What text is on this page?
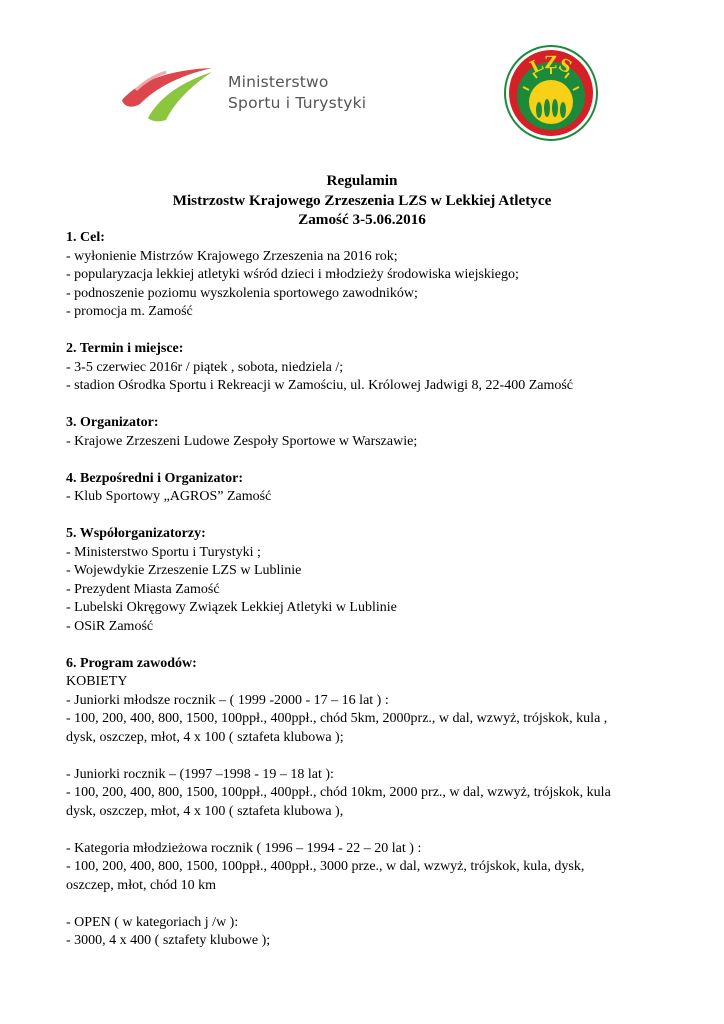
Ministerstwo
Sportu i Turystyki
LZS
Regulamin
Mistrzostw Krajowego Zrzeszenia LZS w Lekkiej Atletyce
Zamość 3-5.06.2016
1. Cel:
- wyłonienie Mistrzów Krajowego Zrzeszenia na 2016 rok;
- popularyzacja lekkiej atletyki wśród dzieci i młodzieży środowiska wiejskiego;
- podnoszenie poziomu wyszkolenia sportowego zawodników;
- promocja m. Zamość
2. Termin i miejsce:
- 3-5 czerwiec 2016r / piątek , sobota, niedziela /;
- stadion Ośrodka Sportu i Rekreacji w Zamościu, ul. Królowej Jadwigi 8, 22-400 Zamość
3. Organizator:
- Krajowe Zrzeszeni Ludowe Zespoły Sportowe w Warszawie;
4. Bezpośredni i Organizator:
- Klub Sportowy „AGROS” Zamość
5. Współorganizatorzy:
- Ministerstwo Sportu i Turystyki ;
- Wojewdykie Zrzeszenie LZS w Lublinie
- Prezydent Miasta Zamość
- Lubelski Okręgowy Związek Lekkiej Atletyki w Lublinie
- OSiR Zamość
6. Program zawodów:
KOBIETY
- Juniorki młodsze rocznik – ( 1999 -2000 - 17 – 16 lat ) :
- 100, 200, 400, 800, 1500, 100ppł., 400ppł., chód 5km, 2000prz., w dal, wzwyż, trójskok, kula ,
dysk, oszczep, młot, 4 x 100 ( sztafeta klubowa );
- Juniorki rocznik – (1997 –1998 - 19 – 18 lat ):
- 100, 200, 400, 800, 1500, 100ppł., 400ppł., chód 10km, 2000 prz., w dal, wzwyż, trójskok, kula
dysk, oszczep, młot, 4 x 100 ( sztafeta klubowa ),
- Kategoria młodzieżowa rocznik ( 1996 – 1994 - 22 – 20 lat ) :
- 100, 200, 400, 800, 1500, 100ppł., 400ppł., 3000 prze., w dal, wzwyż, trójskok, kula, dysk,
oszczep, młot, chód 10 km
- OPEN ( w kategoriach j /w ):
- 3000, 4 x 400 ( sztafety klubowe );
